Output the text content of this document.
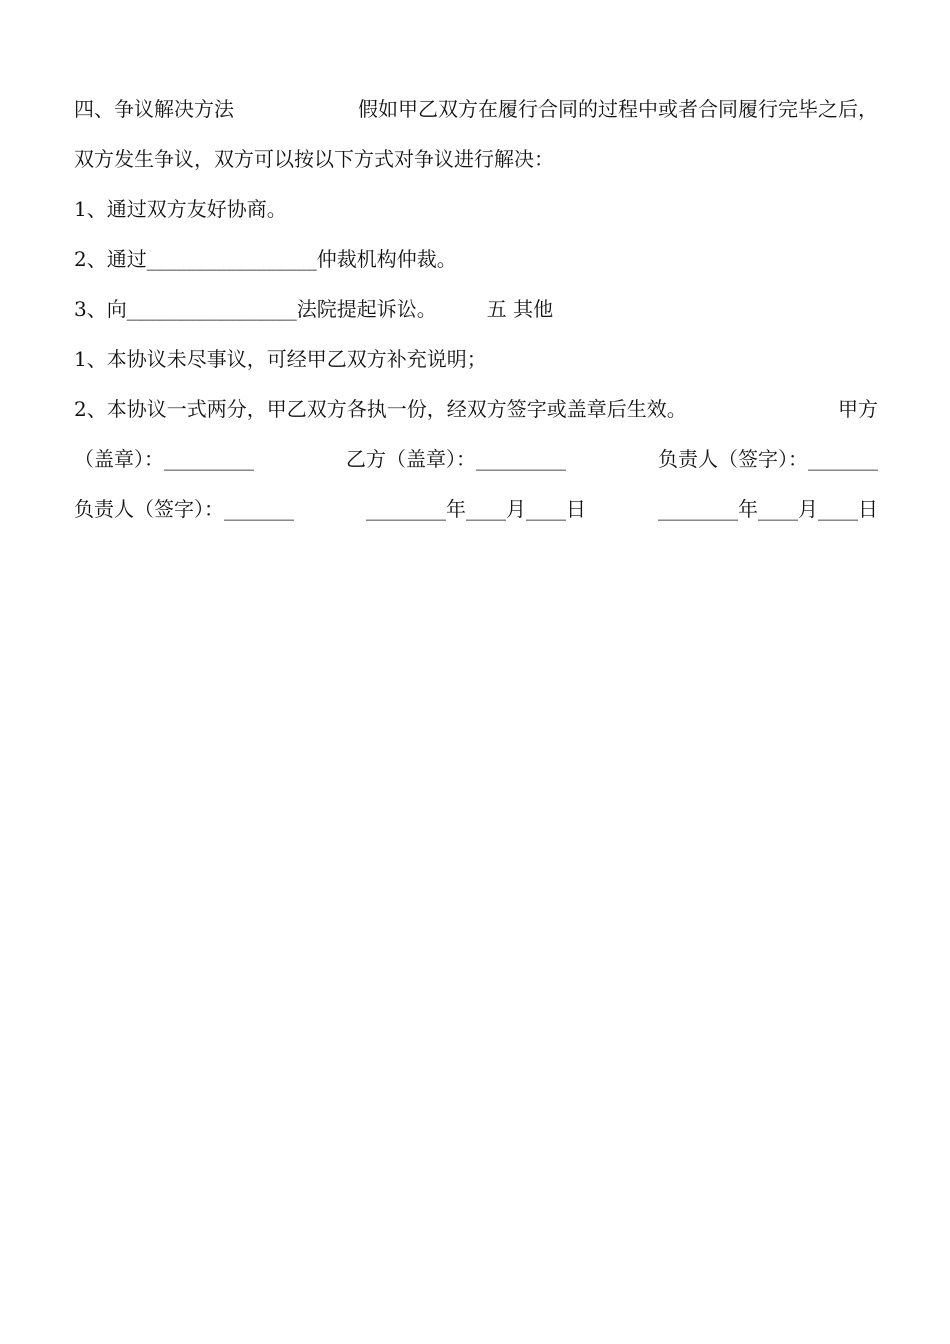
四、争议解决方法	假如甲乙双方在履行合同的过程中或者合同履行完毕之后，
双方发生争议，双方可以按以下方式对争议进行解决：
1、通过双方友好协商。
2、通过 _________________ 仲裁机构仲裁。
3、向 _________________ 法院提起诉讼。	五 其他
1、本协议未尽事议，可经甲乙双方补充说明；
2、本协议一式两分，甲乙双方各执一份，经双方签字或盖章后生效。	甲方
（盖章）：_________	乙方（盖章）：_________	负责人（签字）：_______
负责人（签字）：_______	________年____月____日	________年____月____日
